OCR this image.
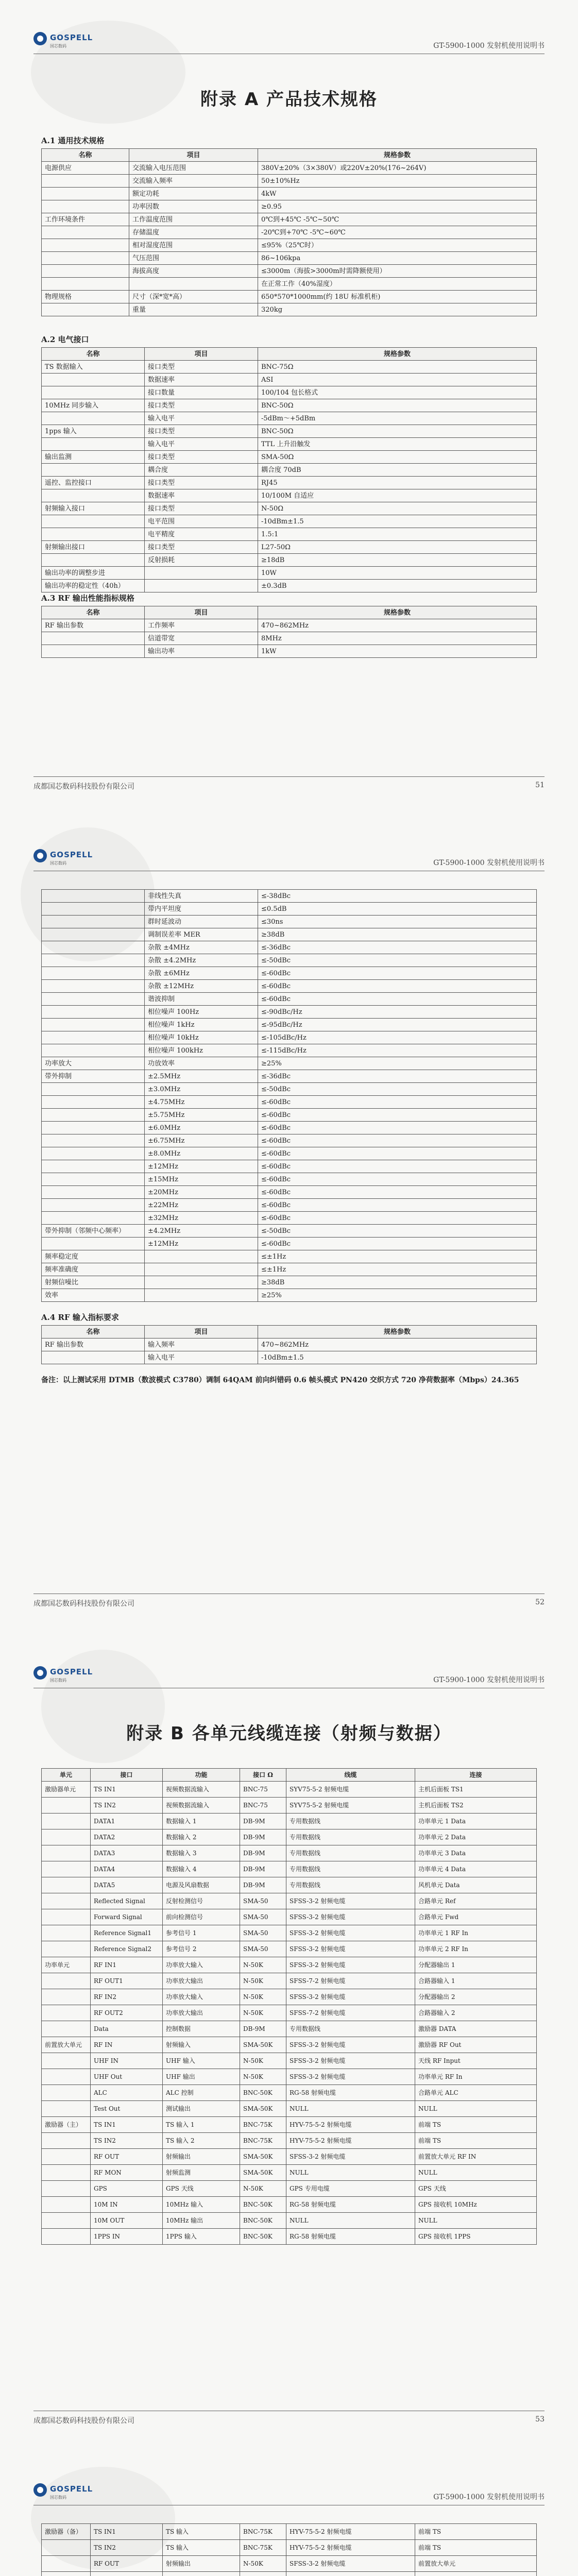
GOSPELL
国芯数码	GT-5900-1000 发射机使用说明书
附录 A 产品技术规格
A.1 通用技术规格
名称	项目	规格参数
电源供应	交流输入电压范围	380V±20%（3×380V）或220V±20%(176~264V)
	交流输入频率	50±10%Hz
	额定功耗	4kW
	功率因数	≥0.95
工作环境条件	工作温度范围	0℃到+45℃ -5℃~50℃
	存储温度	-20℃到+70℃ -5℃~60℃
	相对湿度范围	≤95%（25℃时）
	气压范围	86~106kpa
	海拔高度	≤3000m（海拔>3000m时需降额使用）
		在正常工作（40%湿度）
物理规格	尺寸（深*宽*高）	650*570*1000mm(约 18U 标准机柜)
	重量	320kg
A.2 电气接口
名称	项目	规格参数
TS 数据输入	接口类型	BNC-75Ω
	数据速率	ASI
	接口数量	100/104 包长格式
10MHz 同步输入	接口类型	BNC-50Ω
	输入电平	-5dBm～+5dBm
1pps 输入	接口类型	BNC-50Ω
	输入电平	TTL 上升沿触发
输出监测	接口类型	SMA-50Ω
	耦合度	耦合度 70dB
遥控、监控接口	接口类型	RJ45
	数据速率	10/100M 自适应
射频输入接口	接口类型	N-50Ω
	电平范围	-10dBm±1.5
	电平精度	1.5:1
射频输出接口	接口类型	L27-50Ω
	反射损耗	≥18dB
输出功率的调整步进		10W
输出功率的稳定性（40h）		±0.3dB
A.3 RF 输出性能指标规格
名称	项目	规格参数
RF 输出参数	工作频率	470~862MHz
	信道带宽	8MHz
	输出功率	1kW
成都国芯数码科技股份有限公司	51
GOSPELL
国芯数码	GT-5900-1000 发射机使用说明书
	非线性失真	≤-38dBc
	带内平坦度	≤0.5dB
	群时延波动	≤30ns
	调制误差率 MER	≥38dB
	杂散 ±4MHz	≤-36dBc
	杂散 ±4.2MHz	≤-50dBc
	杂散 ±6MHz	≤-60dBc
	杂散 ±12MHz	≤-60dBc
	谐波抑制	≤-60dBc
	相位噪声 100Hz	≤-90dBc/Hz
	相位噪声 1kHz	≤-95dBc/Hz
	相位噪声 10kHz	≤-105dBc/Hz
	相位噪声 100kHz	≤-115dBc/Hz
功率放大	功放效率	≥25%
带外抑制	±2.5MHz	≤-36dBc
	±3.0MHz	≤-50dBc
	±4.75MHz	≤-60dBc
	±5.75MHz	≤-60dBc
	±6.0MHz	≤-60dBc
	±6.75MHz	≤-60dBc
	±8.0MHz	≤-60dBc
	±12MHz	≤-60dBc
	±15MHz	≤-60dBc
	±20MHz	≤-60dBc
	±22MHz	≤-60dBc
	±32MHz	≤-60dBc
带外抑制（邻频中心频率）	±4.2MHz	≤-50dBc
	±12MHz	≤-60dBc
频率稳定度		≤±1Hz
频率准确度		≤±1Hz
射频信噪比		≥38dB
效率		≥25%
A.4 RF 输入指标要求
名称	项目	规格参数
RF 输出参数	输入频率	470~862MHz
	输入电平	-10dBm±1.5
备注：以上测试采用 DTMB（数波模式 C3780）调制 64QAM 前向纠错码 0.6 帧头模式 PN420 交织方式 720 净荷数据率（Mbps）24.365
成都国芯数码科技股份有限公司	52
GOSPELL
国芯数码	GT-5900-1000 发射机使用说明书
附录 B 各单元线缆连接（射频与数据）
单元	接口	功能	接口 Ω	线缆	连接
激励器单元	TS IN1	视频数据流输入	BNC-75	SYV75-5-2 射频电缆	主机后面板 TS1
	TS IN2	视频数据流输入	BNC-75	SYV75-5-2 射频电缆	主机后面板 TS2
	DATA1	数据输入 1	DB-9M	专用数据线	功率单元 1 Data
	DATA2	数据输入 2	DB-9M	专用数据线	功率单元 2 Data
	DATA3	数据输入 3	DB-9M	专用数据线	功率单元 3 Data
	DATA4	数据输入 4	DB-9M	专用数据线	功率单元 4 Data
	DATA5	电源及风扇数据	DB-9M	专用数据线	风机单元 Data
	Reflected Signal	反射检测信号	SMA-50	SFSS-3-2 射频电缆	合路单元 Ref
	Forward Signal	前向检测信号	SMA-50	SFSS-3-2 射频电缆	合路单元 Fwd
	Reference Signal1	参考信号 1	SMA-50	SFSS-3-2 射频电缆	功率单元 1 RF In
	Reference Signal2	参考信号 2	SMA-50	SFSS-3-2 射频电缆	功率单元 2 RF In
功率单元	RF IN1	功率放大输入	N-50K	SFSS-3-2 射频电缆	分配器输出 1
	RF OUT1	功率放大输出	N-50K	SFSS-7-2 射频电缆	合路器输入 1
	RF IN2	功率放大输入	N-50K	SFSS-3-2 射频电缆	分配器输出 2
	RF OUT2	功率放大输出	N-50K	SFSS-7-2 射频电缆	合路器输入 2
	Data	控制数据	DB-9M	专用数据线	激励器 DATA
前置放大单元	RF IN	射频输入	SMA-50K	SFSS-3-2 射频电缆	激励器 RF Out
	UHF IN	UHF 输入	N-50K	SFSS-3-2 射频电缆	天线 RF Input
	UHF Out	UHF 输出	N-50K	SFSS-3-2 射频电缆	功率单元 RF In
	ALC	ALC 控制	BNC-50K	RG-58 射频电缆	合路单元 ALC
	Test Out	测试输出	SMA-50K	NULL	NULL
激励器（主）	TS IN1	TS 输入 1	BNC-75K	HYV-75-5-2 射频电缆	前端 TS
	TS IN2	TS 输入 2	BNC-75K	HYV-75-5-2 射频电缆	前端 TS
	RF OUT	射频输出	SMA-50K	SFSS-3-2 射频电缆	前置放大单元 RF IN
	RF MON	射频监测	SMA-50K	NULL	NULL
	GPS	GPS 天线	N-50K	GPS 专用电缆	GPS 天线
	10M IN	10MHz 输入	BNC-50K	RG-58 射频电缆	GPS 接收机 10MHz
	10M OUT	10MHz 输出	BNC-50K	NULL	NULL
	1PPS IN	1PPS 输入	BNC-50K	RG-58 射频电缆	GPS 接收机 1PPS
成都国芯数码科技股份有限公司	53
GOSPELL
国芯数码	GT-5900-1000 发射机使用说明书
激励器（备）	TS IN1	TS 输入	BNC-75K	HYV-75-5-2 射频电缆	前端 TS
	TS IN2	TS 输入	BNC-75K	HYV-75-5-2 射频电缆	前端 TS
	RF OUT	射频输出	N-50K	SFSS-3-2 射频电缆	前置放大单元
